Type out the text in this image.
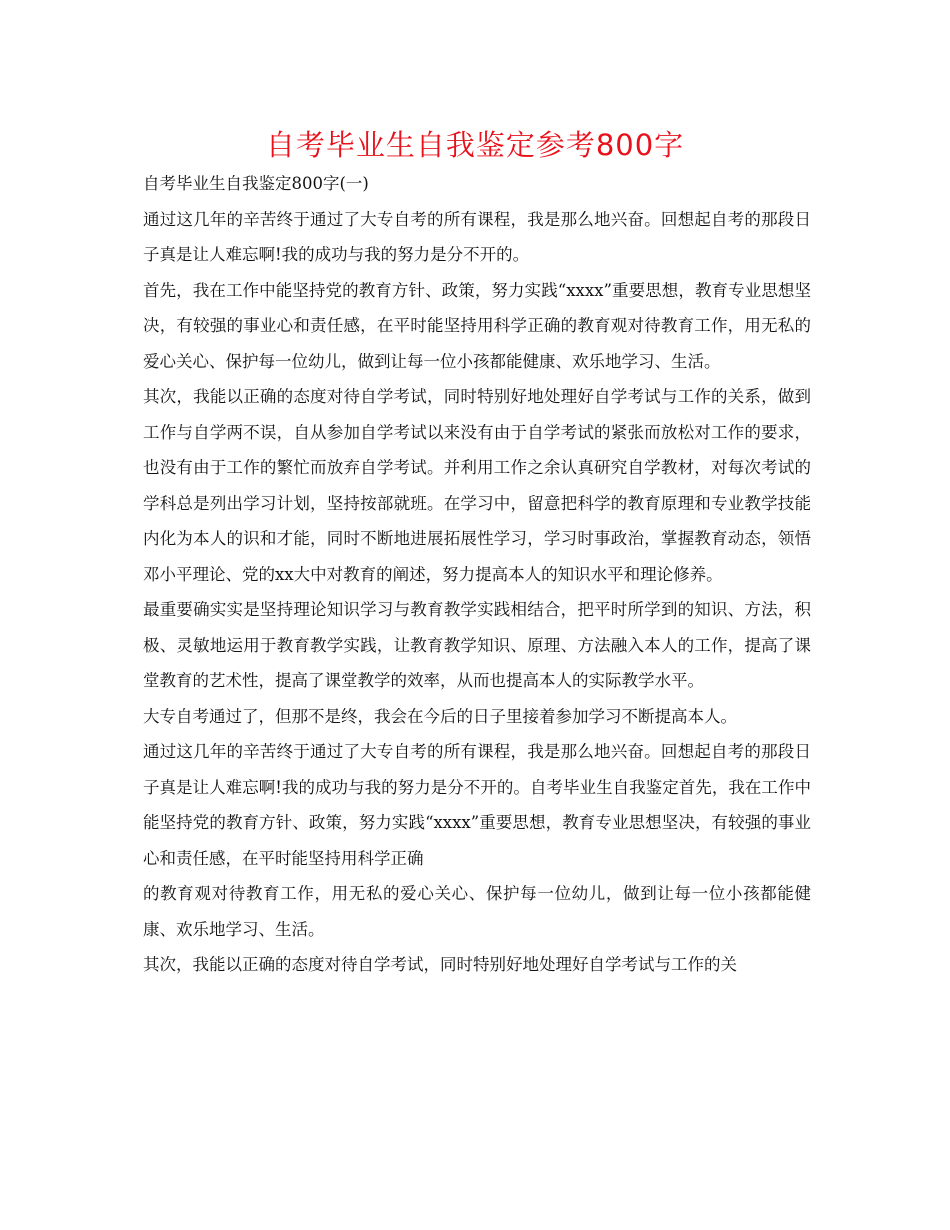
自考毕业生自我鉴定参考800字

自考毕业生自我鉴定800字(一)

通过这几年的辛苦终于通过了大专自考的所有课程，我是那么地兴奋。回想起自考的那段日子真是让人难忘啊!我的成功与我的努力是分不开的。

首先，我在工作中能坚持党的教育方针、政策，努力实践“xxxx”重要思想，教育专业思想坚决，有较强的事业心和责任感，在平时能坚持用科学正确的教育观对待教育工作，用无私的爱心关心、保护每一位幼儿，做到让每一位小孩都能健康、欢乐地学习、生活。

其次，我能以正确的态度对待自学考试，同时特别好地处理好自学考试与工作的关系，做到工作与自学两不误，自从参加自学考试以来没有由于自学考试的紧张而放松对工作的要求，也没有由于工作的繁忙而放弃自学考试。并利用工作之余认真研究自学教材，对每次考试的学科总是列出学习计划，坚持按部就班。在学习中，留意把科学的教育原理和专业教学技能内化为本人的识和才能，同时不断地进展拓展性学习，学习时事政治，掌握教育动态，领悟邓小平理论、党的xx大中对教育的阐述，努力提高本人的知识水平和理论修养。

最重要确实实是坚持理论知识学习与教育教学实践相结合，把平时所学到的知识、方法，积极、灵敏地运用于教育教学实践，让教育教学知识、原理、方法融入本人的工作，提高了课堂教育的艺术性，提高了课堂教学的效率，从而也提高本人的实际教学水平。

大专自考通过了，但那不是终，我会在今后的日子里接着参加学习不断提高本人。

通过这几年的辛苦终于通过了大专自考的所有课程，我是那么地兴奋。回想起自考的那段日子真是让人难忘啊!我的成功与我的努力是分不开的。自考毕业生自我鉴定首先，我在工作中能坚持党的教育方针、政策，努力实践“xxxx”重要思想，教育专业思想坚决，有较强的事业心和责任感，在平时能坚持用科学正确

的教育观对待教育工作，用无私的爱心关心、保护每一位幼儿，做到让每一位小孩都能健康、欢乐地学习、生活。

其次，我能以正确的态度对待自学考试，同时特别好地处理好自学考试与工作的关
